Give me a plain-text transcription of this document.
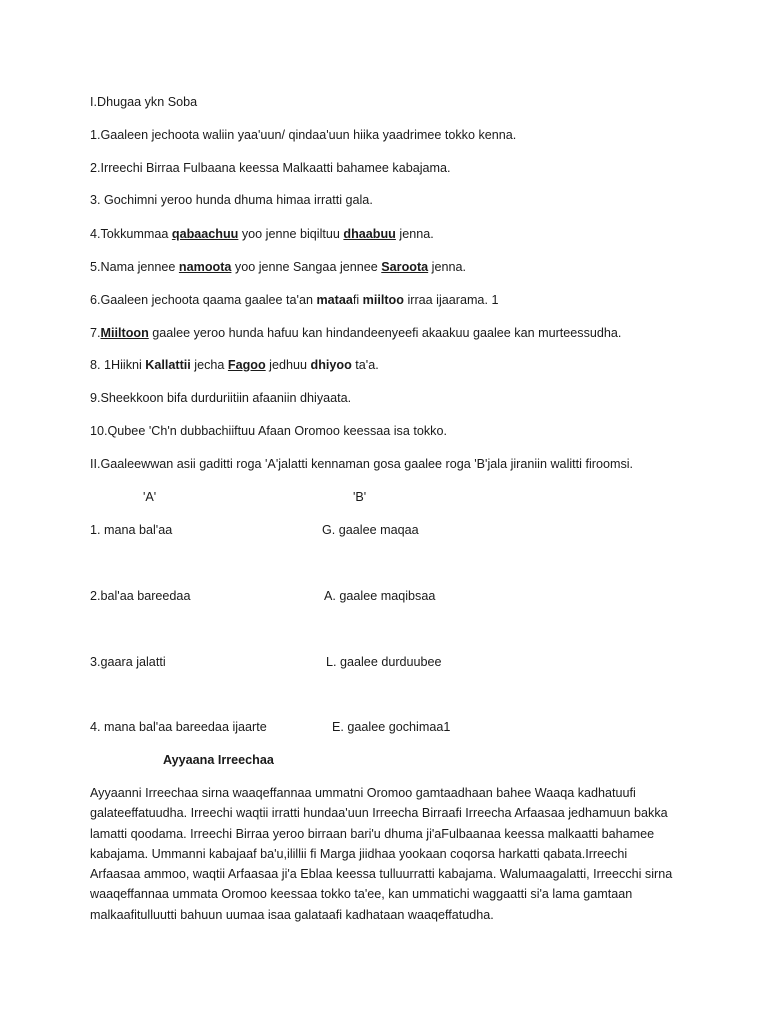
I.Dhugaa ykn Soba
1.Gaaleen jechoota waliin yaa'uun/ qindaa'uun hiika yaadrimee tokko kenna.
2.Irreechi Birraa Fulbaana keessa Malkaatti bahamee kabajama.
3. Gochimni yeroo hunda dhuma himaa irratti gala.
4.Tokkummaa qabaachuu yoo jenne biqiltuu dhaabuu jenna.
5.Nama jennee namoota yoo jenne Sangaa jennee Saroota jenna.
6.Gaaleen jechoota qaama gaalee ta'an mataafi miiltoo irraa ijaarama. 1
7.Miiltoon gaalee yeroo hunda hafuu kan hindandeenyeefi akaakuu gaalee kan murteessudha.
8. 1Hiikni Kallattii jecha Fagoo jedhuu dhiyoo ta'a.
9.Sheekkoon bifa durduriitiin afaaniin dhiyaata.
10.Qubee 'Ch'n dubbachiiftuu Afaan Oromoo keessaa isa tokko.
II.Gaaleewwan asii gaditti roga 'A'jalatti kennaman gosa gaalee roga 'B'jala jiraniin walitti firoomsi.
'A'	'B'
1. mana bal'aa	G. gaalee maqaa
2.bal'aa bareedaa	A. gaalee maqibsaa
3.gaara jalatti	L. gaalee durduubee
4. mana bal'aa bareedaa ijaarte	E. gaalee gochimaa1
Ayyaana Irreechaa

Ayyaanni Irreechaa sirna waaqeffannaa ummatni Oromoo gamtaadhaan bahee Waaqa kadhatuufi

galateeffatuudha. Irreechi waqtii irratti hundaa'uun Irreecha Birraafi Irreecha Arfaasaa jedhamuun bakka

lamatti qoodama. Irreechi Birraa yeroo birraan bari'u dhuma ji'aFulbaanaa keessa malkaatti bahamee

kabajama. Ummanni kabajaaf ba'u,ilillii fi Marga jiidhaa yookaan coqorsa harkatti qabata.Irreechi

Arfaasaa ammoo, waqtii Arfaasaa ji'a Eblaa keessa tulluurratti kabajama. Walumaagalatti, Irreecchi sirna

waaqeffannaa ummata Oromoo keessaa tokko ta'ee, kan ummatichi waggaatti si'a lama gamtaan

malkaafitulluutti bahuun uumaa isaa galataafi kadhataan waaqeffatudha.
